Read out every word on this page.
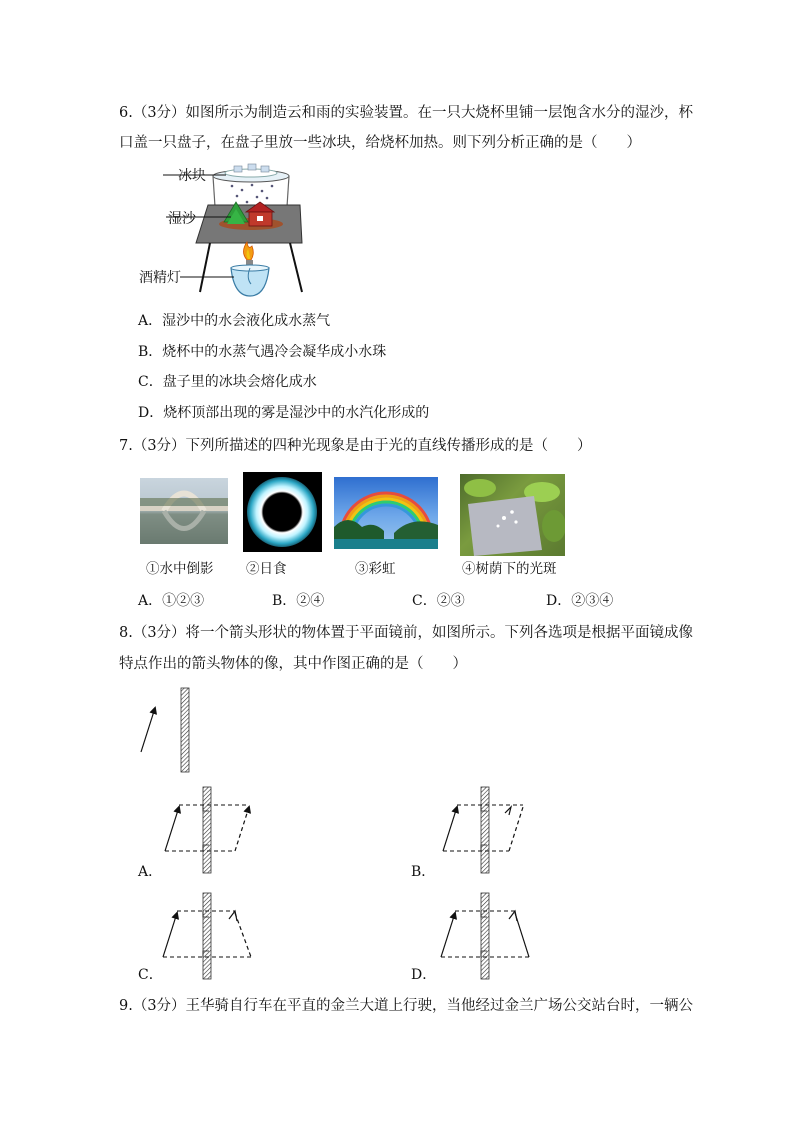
6.（3分）如图所示为制造云和雨的实验装置。在一只大烧杯里铺一层饱含水分的湿沙，杯
口盖一只盘子，在盘子里放一些冰块，给烧杯加热。则下列分析正确的是（　　）
冰块
湿沙
酒精灯
A．湿沙中的水会液化成水蒸气
B．烧杯中的水蒸气遇冷会凝华成小水珠
C．盘子里的冰块会熔化成水
D．烧杯顶部出现的雾是湿沙中的水汽化形成的
7.（3分）下列所描述的四种光现象是由于光的直线传播形成的是（　　）
①水中倒影 ②日食	③彩虹	④树荫下的光斑
A．①②③	B．②④	C．②③	D．②③④
8.（3分）将一个箭头形状的物体置于平面镜前，如图所示。下列各选项是根据平面镜成像
特点作出的箭头物体的像，其中作图正确的是（　　）
A．	B．
C．	D．
9.（3分）王华骑自行车在平直的金兰大道上行驶，当他经过金兰广场公交站台时，一辆公
